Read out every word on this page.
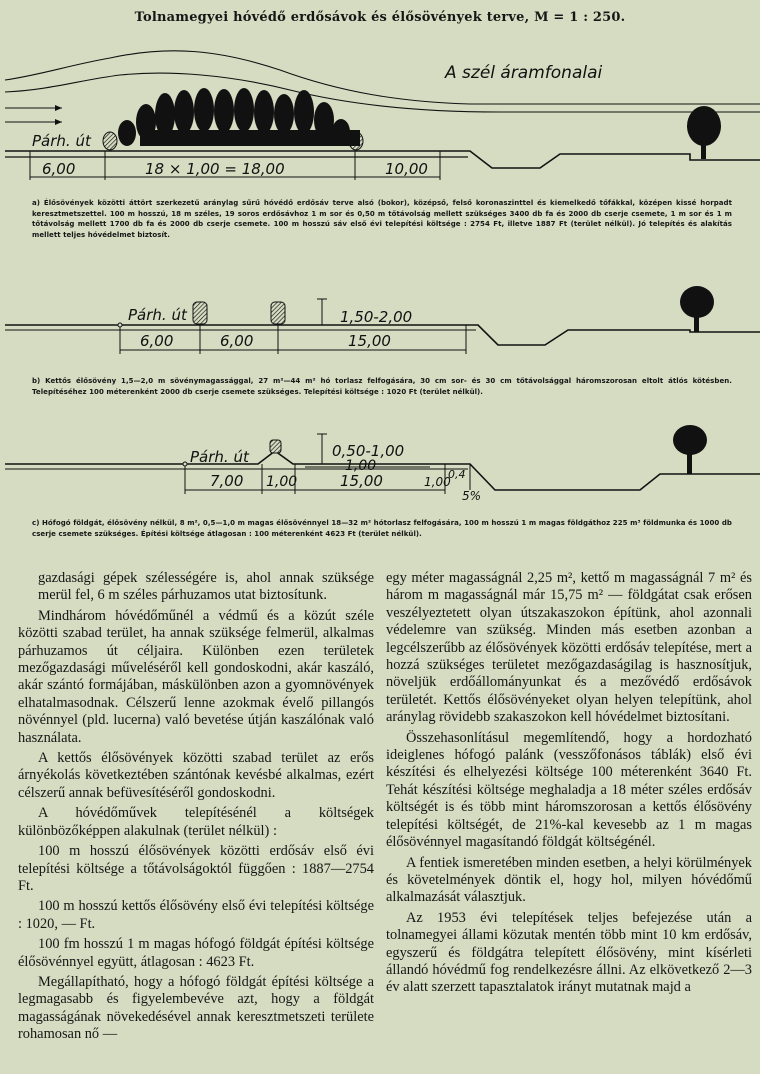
Tolnamegyei hóvédő erdősávok és élősövények terve, M = 1 : 250.
A szél áramfonalai
Párh. út
6,00	18 × 1,00 = 18,00	10,00
a) Élősövények közötti áttört szerkezetű aránylag sűrű hóvédő erdősáv terve alsó (bokor), középső, felső koronaszinttel és kiemelkedő tőfákkal, középen kissé horpadt keresztmetszettel. 100 m hosszú, 18 m széles, 19 soros erdősávhoz 1 m sor és 0,50 m tőtávolság mellett szükséges 3400 db fa és 2000 db cserje csemete, 1 m sor és 1 m tőtávolság mellett 1700 db fa és 2000 db cserje csemete. 100 m hosszú sáv első évi telepítési költsége : 2754 Ft, illetve 1887 Ft (terület nélkül). Jó telepítés és alakítás mellett teljes hóvédelmet biztosít.
Párh. út	1,50-2,00
6,00	6,00	15,00
b) Kettős élősövény 1,5—2,0 m sövénymagassággal, 27 m²—44 m² hó torlasz felfogására, 30 cm sor- és 30 cm tőtávolsággal háromszorosan eltolt átlós kötésben. Telepítéséhez 100 méterenként 2000 db cserje csemete szükséges. Telepítési költsége : 1020 Ft (terület nélkül).
Párh. út	0,50-1,00
1,00
7,00 1,00	15,00	1,00
0,4
5%
c) Hófogó földgát, élősövény nélkül, 8 m², 0,5—1,0 m magas élősövénnyel 18—32 m² hótorlasz felfogására, 100 m hosszú 1 m magas földgáthoz 225 m³ földmunka és 1000 db cserje csemete szükséges. Építési költsége átlagosan : 100 méterenként 4623 Ft (terület nélkül).

gazdasági gépek szélességére is, ahol annak szüksége merül fel, 6 m széles párhuzamos utat biztosítunk.

Mindhárom hóvédőműnél a védmű és a közút széle közötti szabad terület, ha annak szüksége felmerül, alkalmas párhuzamos út céljaira. Különben ezen területek mezőgazdasági műveléséről kell gondoskodni, akár kaszáló, akár szántó formájában, máskülönben azon a gyomnövények elhatalmasodnak. Célszerű lenne azokmak évelő pillangós növénnyel (pld. lucerna) való bevetése útján kaszálónak való használata.

A kettős élősövények közötti szabad terület az erős árnyékolás következtében szántónak kevésbé alkalmas, ezért célszerű annak befüvesítéséről gondoskodni.

A hóvédőművek telepítésénél a költségek különbözőképpen alakulnak (terület nélkül) :

100 m hosszú élősövények közötti erdősáv első évi telepítési költsége a tőtávolságoktól függően : 1887—2754 Ft.

100 m hosszú kettős élősövény első évi telepítési költsége : 1020, — Ft.

100 fm hosszú 1 m magas hófogó földgát építési költsége élősövénnyel együtt, átlagosan : 4623 Ft.

Megállapítható, hogy a hófogó földgát építési költsége a legmagasabb és figyelembevéve azt, hogy a földgát magasságának növekedésével annak keresztmetszeti területe rohamosan nő —

egy méter magasságnál 2,25 m², kettő m magasságnál 7 m² és három m magasságnál már 15,75 m² — földgátat csak erősen veszélyeztetett olyan útszakaszokon építünk, ahol azonnali védelemre van szükség. Minden más esetben azonban a legcélszerűbb az élősövények közötti erdősáv telepítése, mert a hozzá szükséges területet mezőgazdaságilag is hasznosítjuk, növeljük erdőállományunkat és a mezővédő erdősávok területét. Kettős élősövényeket olyan helyen telepítünk, ahol aránylag rövidebb szakaszokon kell hóvédelmet biztosítani.

Összehasonlításul megemlítendő, hogy a hordozható ideiglenes hófogó palánk (vesszőfonásos táblák) első évi készítési és elhelyezési költsége 100 méterenként 3640 Ft. Tehát készítési költsége meghaladja a 18 méter széles erdősáv költségét is és több mint háromszorosan a kettős élősövény telepítési költségét, de 21%-kal kevesebb az 1 m magas élősövénnyel magasítandó földgát költségénél.

A fentiek ismeretében minden esetben, a helyi körülmények és követelmények döntik el, hogy hol, milyen hóvédőmű alkalmazását választjuk.

Az 1953 évi telepítések teljes befejezése után a tolnamegyei állami közutak mentén több mint 10 km erdősáv, egyszerű és földgátra telepített élősövény, mint kísérleti állandó hóvédmű fog rendelkezésre állni. Az elkövetkező 2—3 év alatt szerzett tapasztalatok irányt mutatnak majd a
